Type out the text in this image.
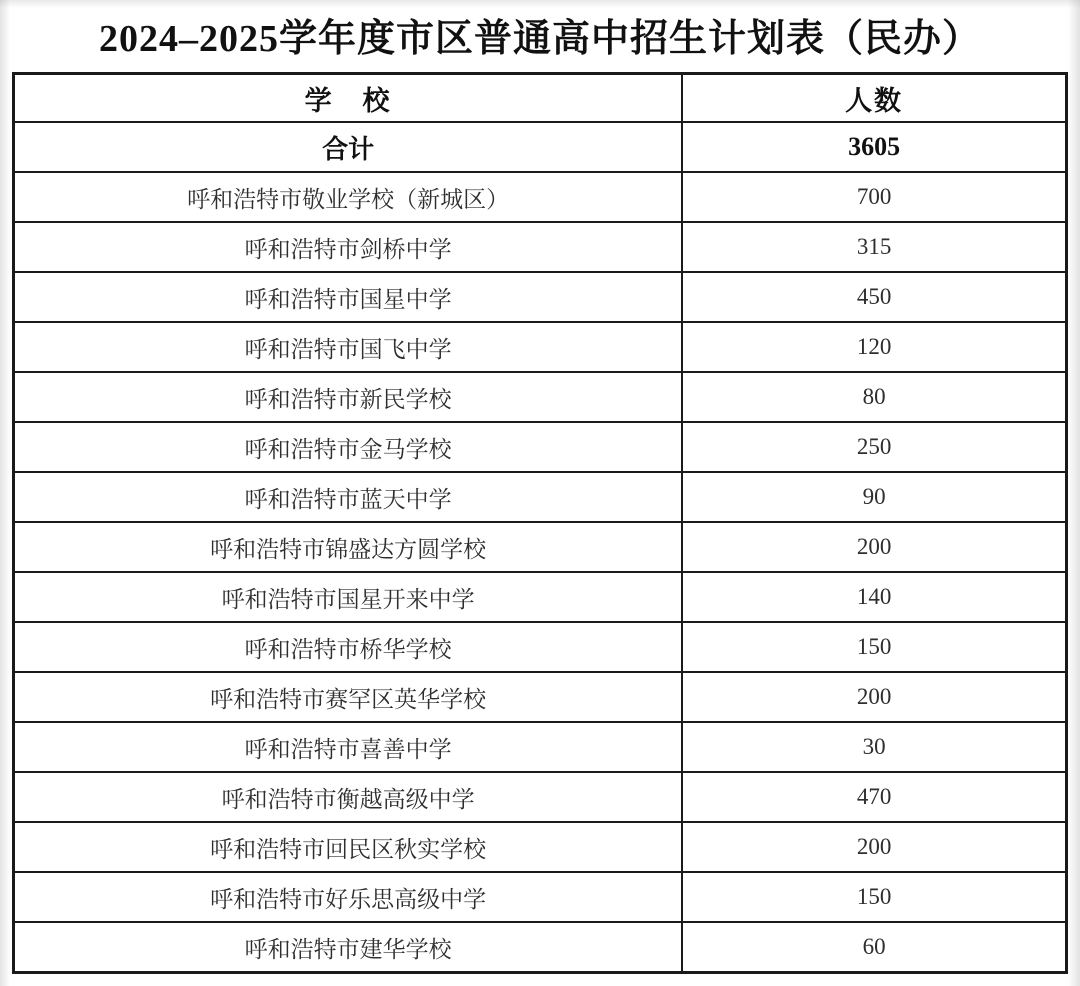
2024–2025学年度市区普通高中招生计划表（民办）
学　校	人数
合计	3605
呼和浩特市敬业学校（新城区）	700
呼和浩特市剑桥中学	315
呼和浩特市国星中学	450
呼和浩特市国飞中学	120
呼和浩特市新民学校	80
呼和浩特市金马学校	250
呼和浩特市蓝天中学	90
呼和浩特市锦盛达方圆学校	200
呼和浩特市国星开来中学	140
呼和浩特市桥华学校	150
呼和浩特市赛罕区英华学校	200
呼和浩特市喜善中学	30
呼和浩特市衡越高级中学	470
呼和浩特市回民区秋实学校	200
呼和浩特市好乐思高级中学	150
呼和浩特市建华学校	60
